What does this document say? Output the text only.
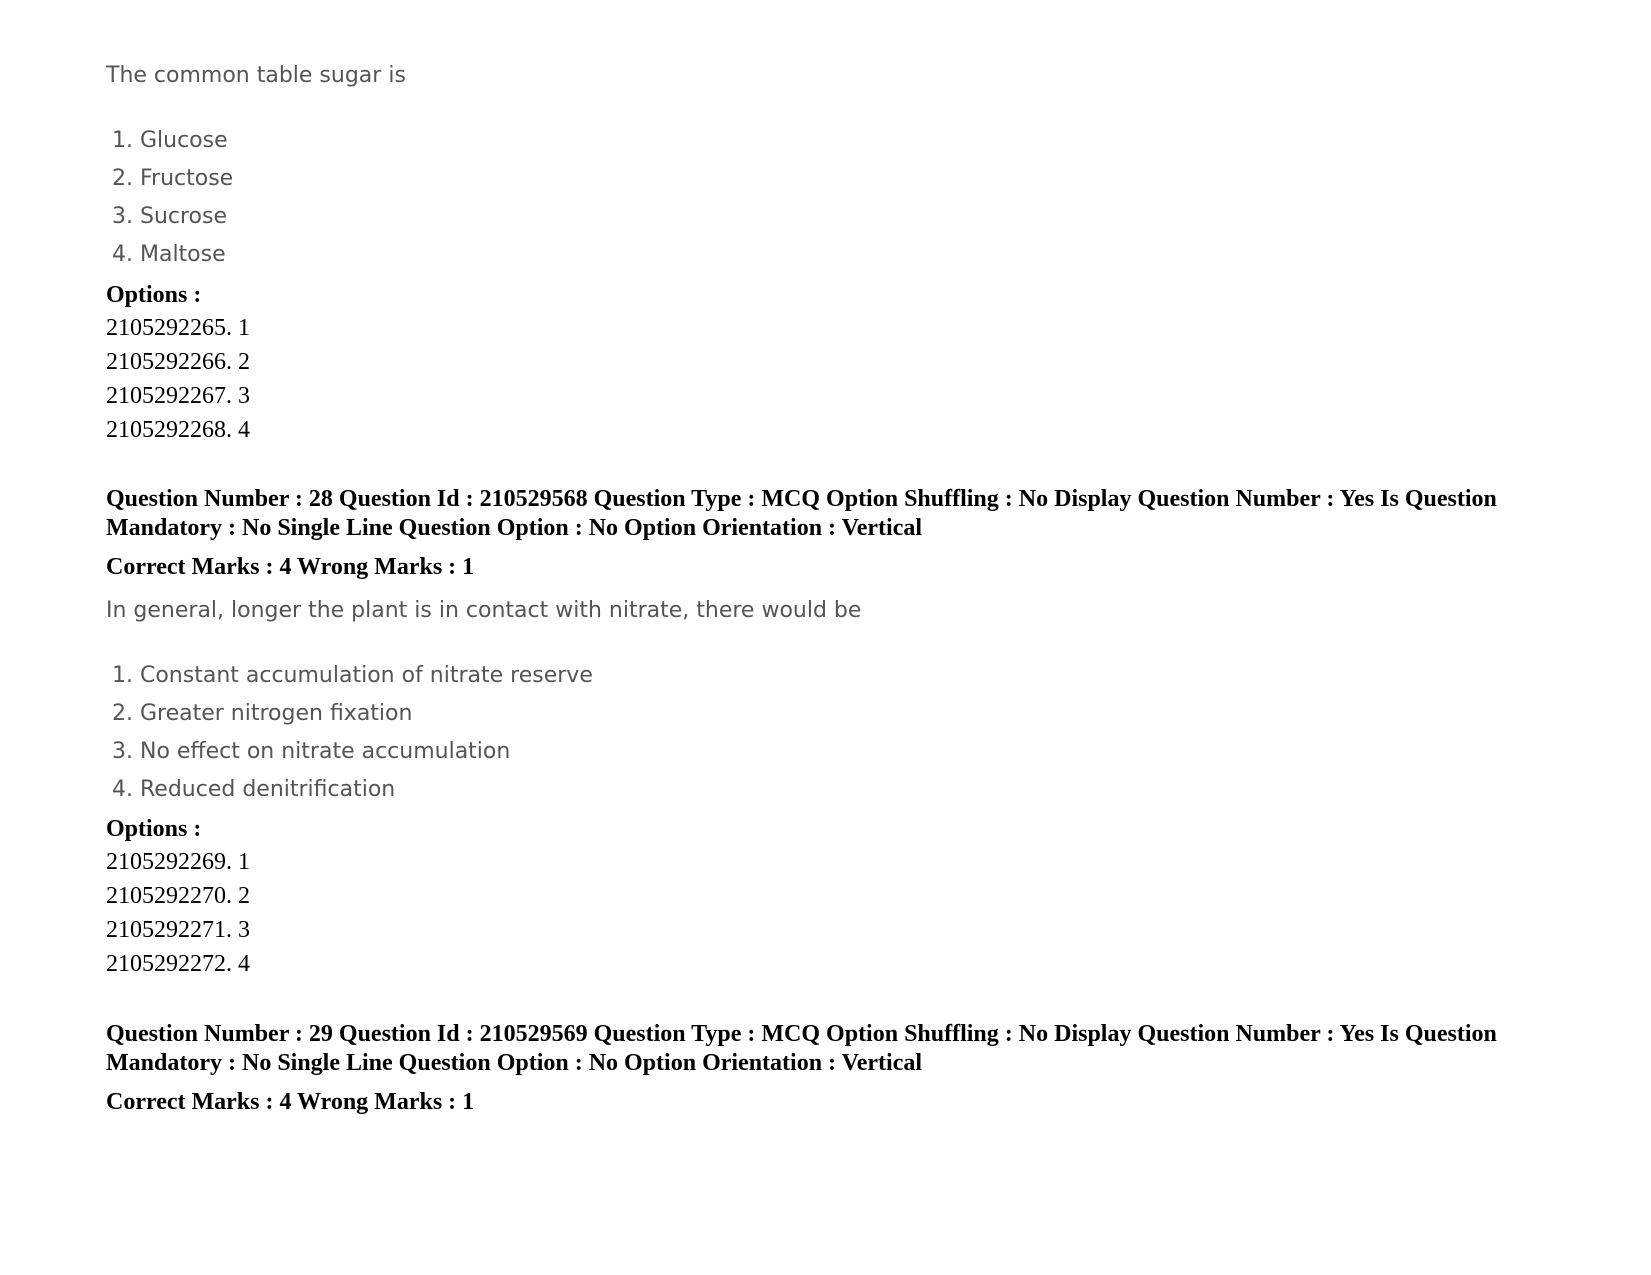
The common table sugar is

1. Glucose
2. Fructose
3. Sucrose
4. Maltose
Options :
2105292265. 1
2105292266. 2
2105292267. 3
2105292268. 4

Question Number : 28 Question Id : 210529568 Question Type : MCQ Option Shuffling : No Display Question Number : Yes Is Question Mandatory : No Single Line Question Option : No Option Orientation : Vertical

Correct Marks : 4 Wrong Marks : 1

In general, longer the plant is in contact with nitrate, there would be

1. Constant accumulation of nitrate reserve
2. Greater nitrogen fixation
3. No effect on nitrate accumulation
4. Reduced denitrification
Options :
2105292269. 1
2105292270. 2
2105292271. 3
2105292272. 4

Question Number : 29 Question Id : 210529569 Question Type : MCQ Option Shuffling : No Display Question Number : Yes Is Question Mandatory : No Single Line Question Option : No Option Orientation : Vertical

Correct Marks : 4 Wrong Marks : 1
